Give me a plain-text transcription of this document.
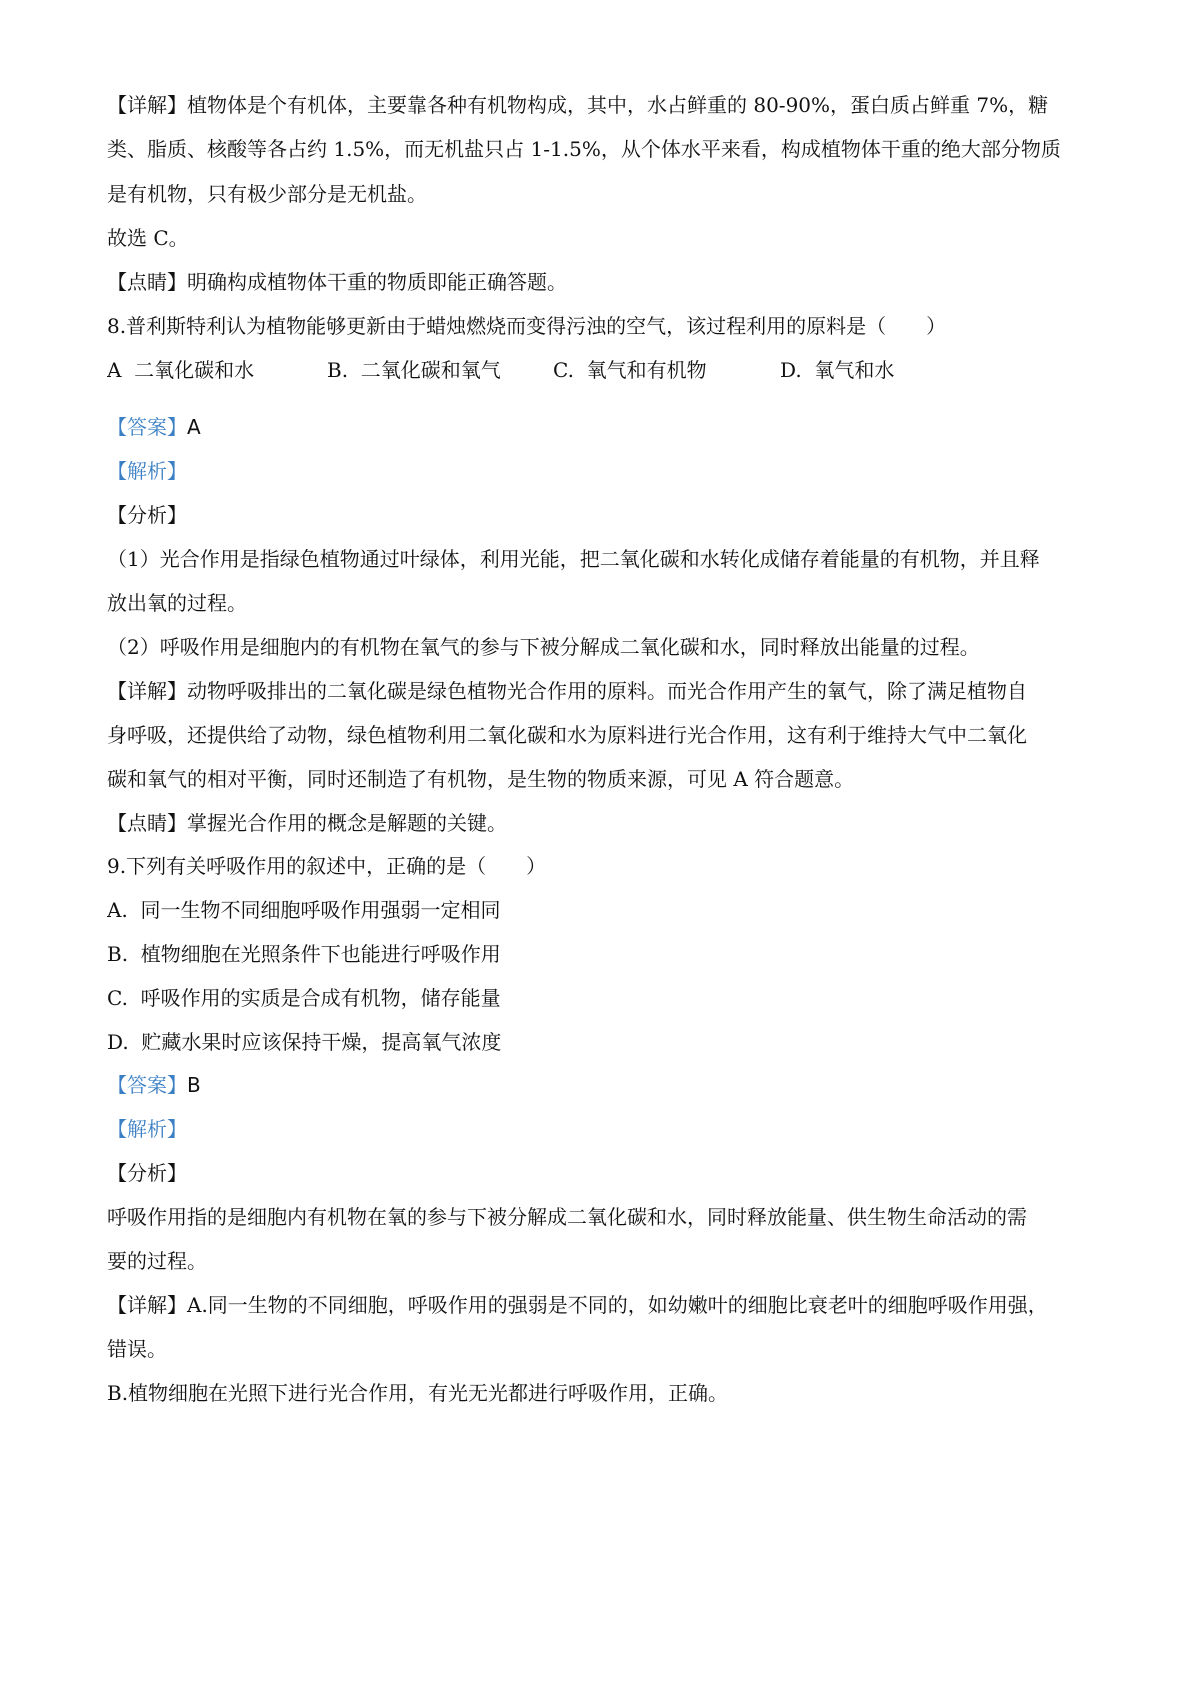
【详解】植物体是个有机体，主要靠各种有机物构成，其中，水占鲜重的 80-90%，蛋白质占鲜重 7%，糖
类、脂质、核酸等各占约 1.5%，而无机盐只占 1-1.5%，从个体水平来看，构成植物体干重的绝大部分物质
是有机物，只有极少部分是无机盐。
故选 C。
【点睛】明确构成植物体干重的物质即能正确答题。
8.普利斯特利认为植物能够更新由于蜡烛燃烧而变得污浊的空气，该过程利用的原料是（　　）
A 二氧化碳和水	B. 二氧化碳和氧气	C. 氧气和有机物	D. 氧气和水
【答案】A
【解析】
【分析】
（1）光合作用是指绿色植物通过叶绿体，利用光能，把二氧化碳和水转化成储存着能量的有机物，并且释
放出氧的过程。
（2）呼吸作用是细胞内的有机物在氧气的参与下被分解成二氧化碳和水，同时释放出能量的过程。
【详解】动物呼吸排出的二氧化碳是绿色植物光合作用的原料。而光合作用产生的氧气，除了满足植物自
身呼吸，还提供给了动物，绿色植物利用二氧化碳和水为原料进行光合作用，这有利于维持大气中二氧化
碳和氧气的相对平衡，同时还制造了有机物，是生物的物质来源，可见 A 符合题意。
【点睛】掌握光合作用的概念是解题的关键。
9.下列有关呼吸作用的叙述中，正确的是（　　）
A. 同一生物不同细胞呼吸作用强弱一定相同
B. 植物细胞在光照条件下也能进行呼吸作用
C. 呼吸作用的实质是合成有机物，储存能量
D. 贮藏水果时应该保持干燥，提高氧气浓度
【答案】B
【解析】
【分析】
呼吸作用指的是细胞内有机物在氧的参与下被分解成二氧化碳和水，同时释放能量、供生物生命活动的需
要的过程。
【详解】A.同一生物的不同细胞，呼吸作用的强弱是不同的，如幼嫩叶的细胞比衰老叶的细胞呼吸作用强，
错误。
B.植物细胞在光照下进行光合作用，有光无光都进行呼吸作用，正确。
